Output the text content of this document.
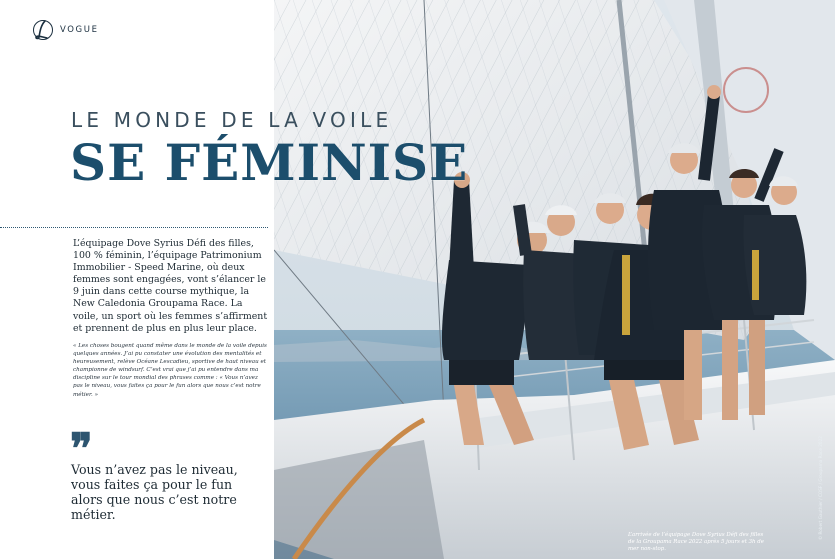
VOGUE
L’équipage Dove Syrius Défi des filles, 100 % féminin, l’équipage Patrimonium Immobilier - Speed Marine, où deux femmes sont engagées, vont s’élancer le 9 juin dans cette course mythique, la New Caledonia Groupama Race. La voile, un sport où les femmes s’affirment et prennent de plus en plus leur place.
« Les choses bougent quand même dans le monde de la voile depuis quelques années. J’ai pu constater une évolution des mentalités et heureusement, relève Océane Lescadieu, sportive de haut niveau et championne de windsurf. C’est vrai que j’ai pu entendre dans ma discipline sur le tour mondial des phrases comme : « Vous n’avez pas le niveau, vous faites ça pour le fun alors que nous c’est notre métier. »
❞
Vous n’avez pas le niveau, vous faites ça pour le fun alors que nous c’est notre métier.
LE MONDE DE LA VOILE
SE FÉMINISE
L’arrivée de l’équipage Dove Syrius Défi des filles de la Groupama Race 2022 après 5 jours et 3h de mer non-stop.
© Robert Gauthier / COSF / Groupama Race 2022
